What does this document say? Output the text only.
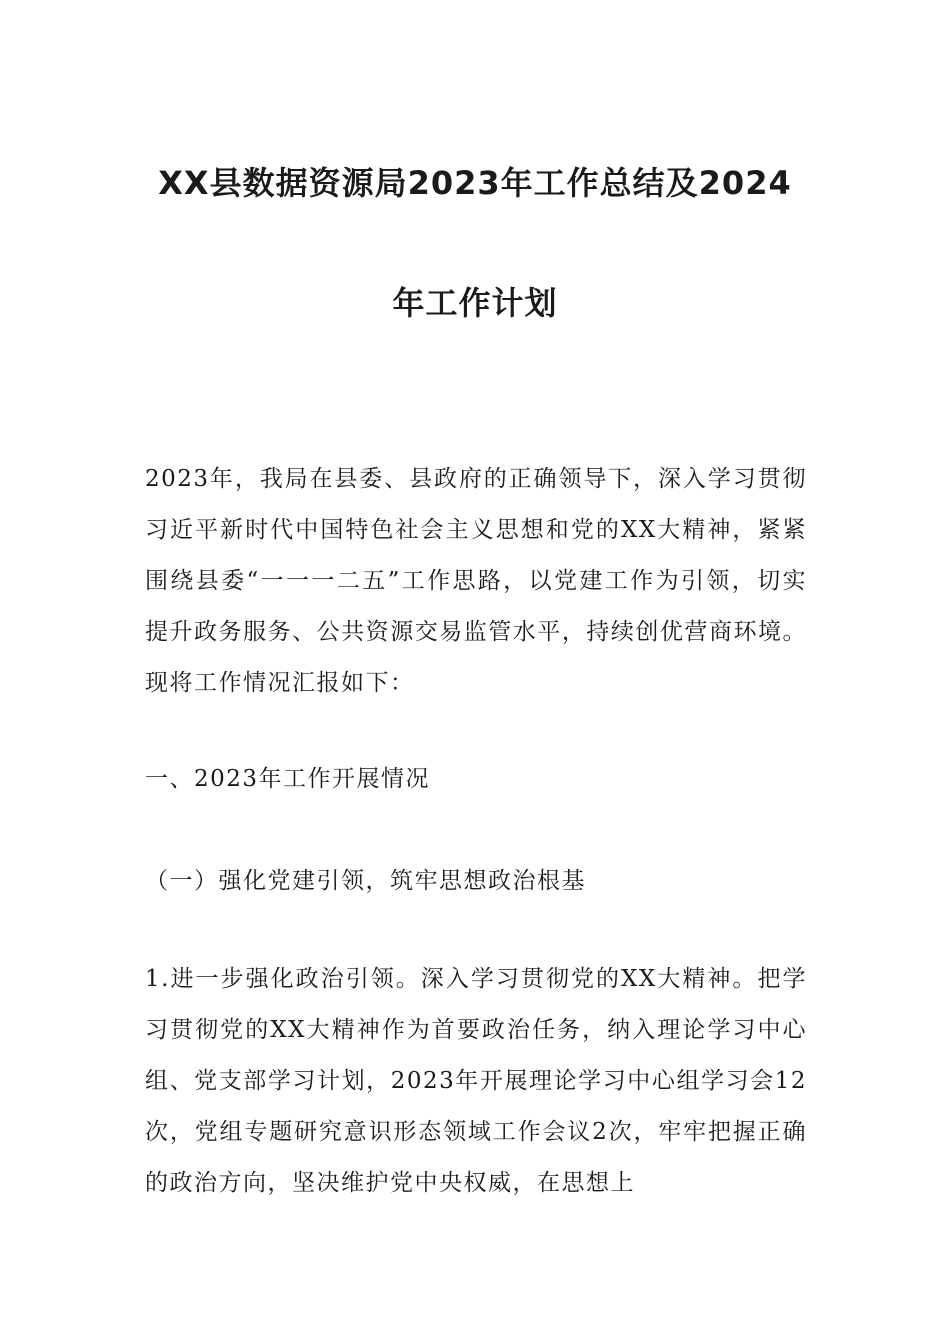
XX县数据资源局2023年工作总结及2024
年工作计划

2023年，我局在县委、县政府的正确领导下，深入学习贯彻习近平新时代中国特色社会主义思想和党的XX大精神，紧紧围绕县委“一一一二五”工作思路，以党建工作为引领，切实提升政务服务、公共资源交易监管水平，持续创优营商环境。现将工作情况汇报如下：

一、2023年工作开展情况

（一）强化党建引领，筑牢思想政治根基

1.进一步强化政治引领。深入学习贯彻党的XX大精神。把学习贯彻党的XX大精神作为首要政治任务，纳入理论学习中心组、党支部学习计划，2023年开展理论学习中心组学习会12次，党组专题研究意识形态领域工作会议2次，牢牢把握正确的政治方向，坚决维护党中央权威，在思想上
